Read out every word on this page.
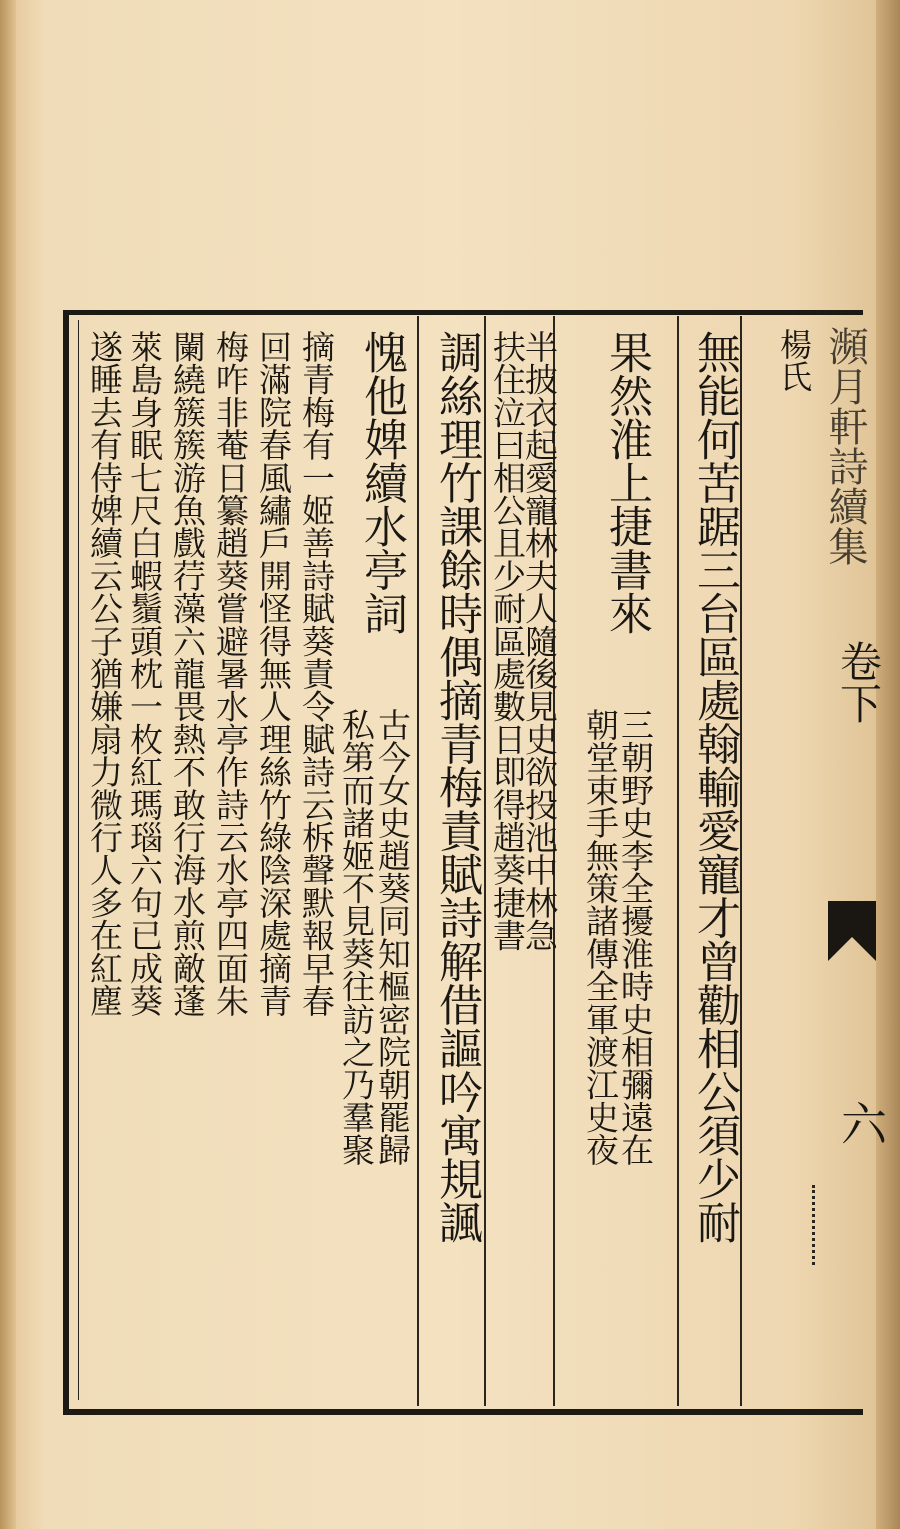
瀕月軒詩續集
卷下
六
楊氏
無能何苦踞三台區處翰輸愛寵才曾勸相公須少耐
果然淮上捷書來
三朝野史李全擾淮時史相彌遠在
朝堂束手無策諸傳全軍渡江史夜
半披衣起愛寵林夫人隨後見史欲投池中林急
扶住泣曰相公且少耐區處數日即得趙葵捷書
調絲理竹課餘時偶摘青梅責賦詩解借謳吟寓規諷
愧他婢續水亭詞
古今女史趙葵同知樞密院朝罷歸
私第而諸姬不見葵往訪之乃羣聚
摘青梅有一姬善詩賦葵責令賦詩云柝聲默報早春
回滿院春風繡戶開怪得無人理絲竹綠陰深處摘青
梅咋非菴日纂趙葵嘗避暑水亭作詩云水亭四面朱
闌繞簇簇游魚戲荇藻六龍畏熱不敢行海水煎敵蓬
萊島身眠七尺白蝦鬚頭枕一枚紅瑪瑙六句已成葵
遂睡去有侍婢續云公子猶嫌扇力微行人多在紅塵
